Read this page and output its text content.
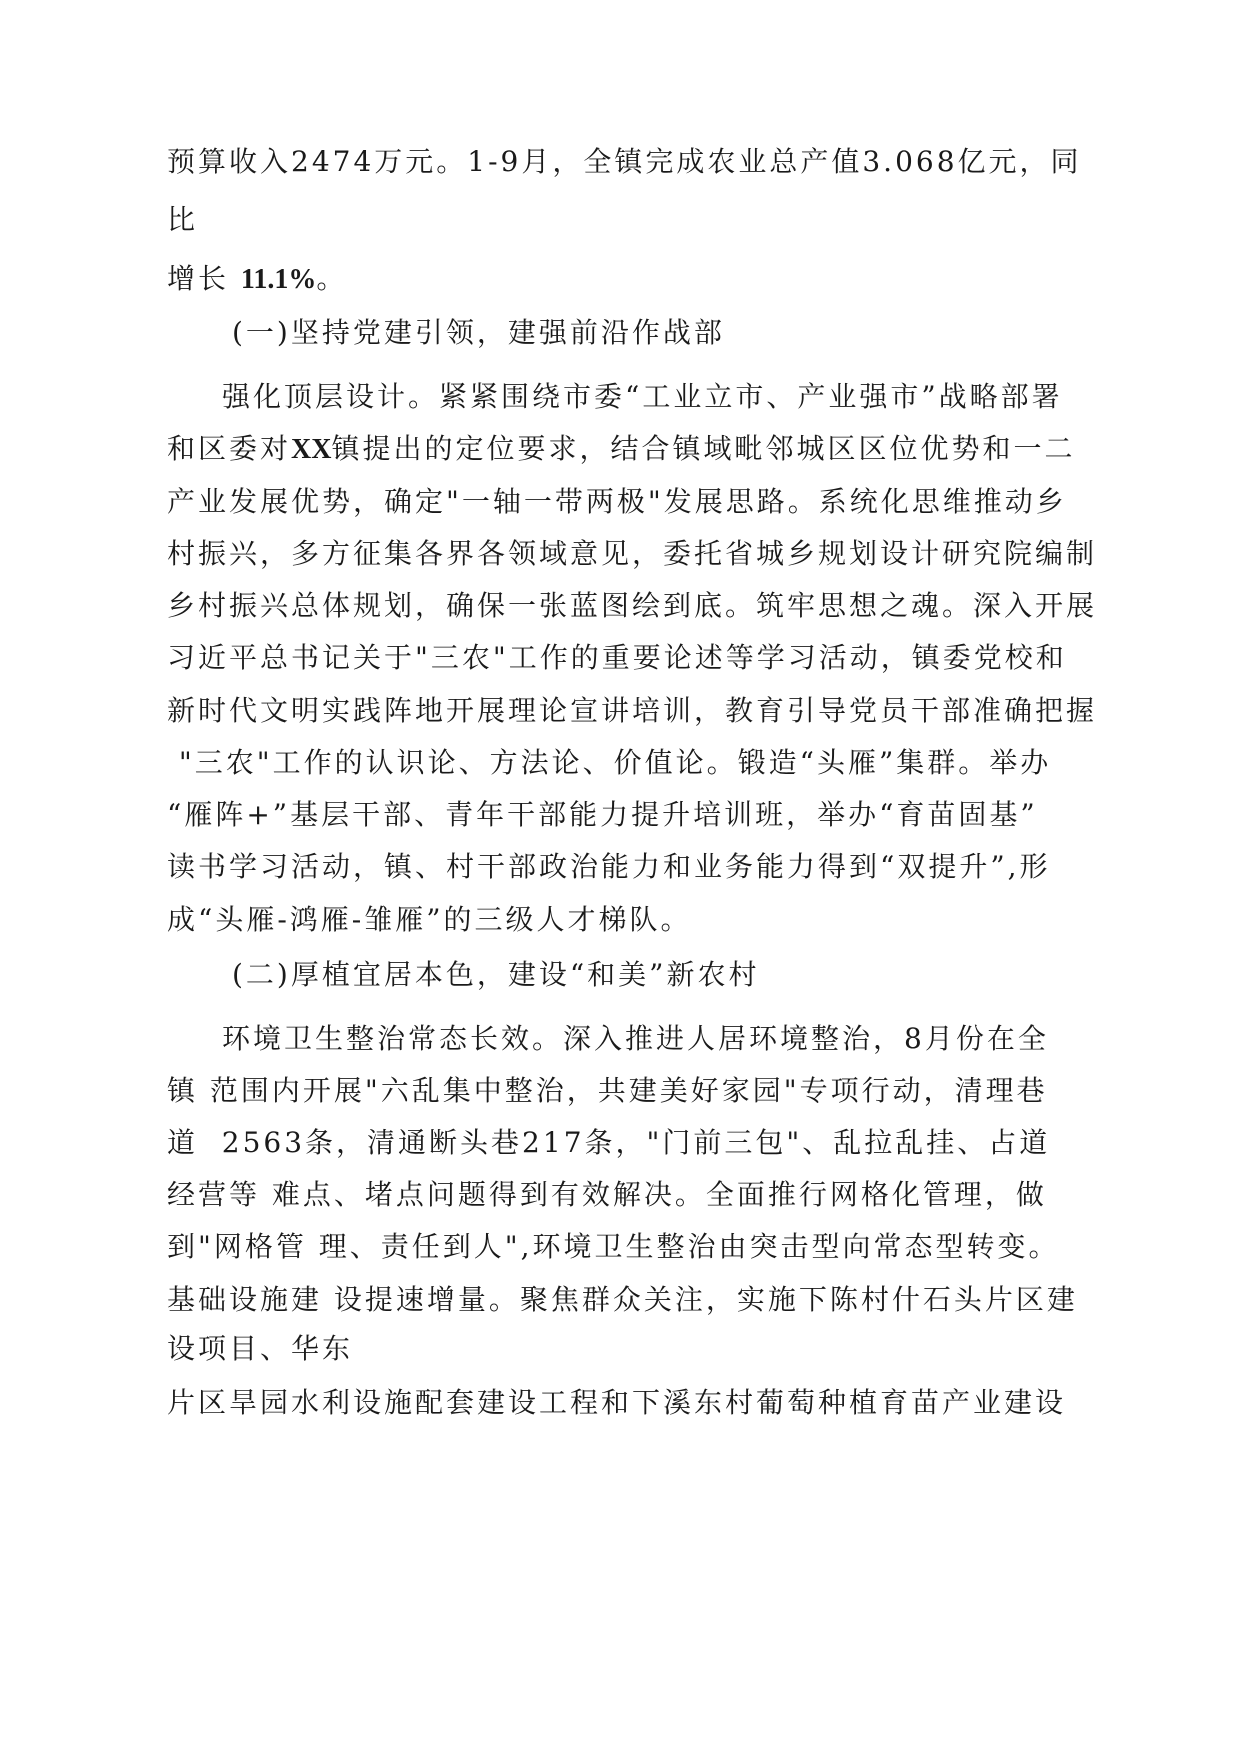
预算收入2474万元。1-9月，全镇完成农业总产值3.068亿元，同
比
增长 11.1%。
(一)坚持党建引领，建强前沿作战部
强化顶层设计。紧紧围绕市委“工业立市、产业强市”战略部署
和区委对XX镇提出的定位要求，结合镇域毗邻城区区位优势和一二
产业发展优势，确定"一轴一带两极"发展思路。系统化思维推动乡
村振兴，多方征集各界各领域意见，委托省城乡规划设计研究院编制
乡村振兴总体规划，确保一张蓝图绘到底。筑牢思想之魂。深入开展
习近平总书记关于"三农"工作的重要论述等学习活动，镇委党校和
新时代文明实践阵地开展理论宣讲培训，教育引导党员干部准确把握
"三农"工作的认识论、方法论、价值论。锻造“头雁”集群。举办
“雁阵+”基层干部、青年干部能力提升培训班，举办“育苗固基”
读书学习活动，镇、村干部政治能力和业务能力得到“双提升”,形
成“头雁-鸿雁-雏雁”的三级人才梯队。
(二)厚植宜居本色，建设“和美”新农村
环境卫生整治常态长效。深入推进人居环境整治，8月份在全
镇 范围内开展"六乱集中整治，共建美好家园"专项行动，清理巷
道  2563条，清通断头巷217条，"门前三包"、乱拉乱挂、占道
经营等 难点、堵点问题得到有效解决。全面推行网格化管理，做
到"网格管 理、责任到人",环境卫生整治由突击型向常态型转变。
基础设施建 设提速增量。聚焦群众关注，实施下陈村什石头片区建
设项目、华东
片区旱园水利设施配套建设工程和下溪东村葡萄种植育苗产业建设
